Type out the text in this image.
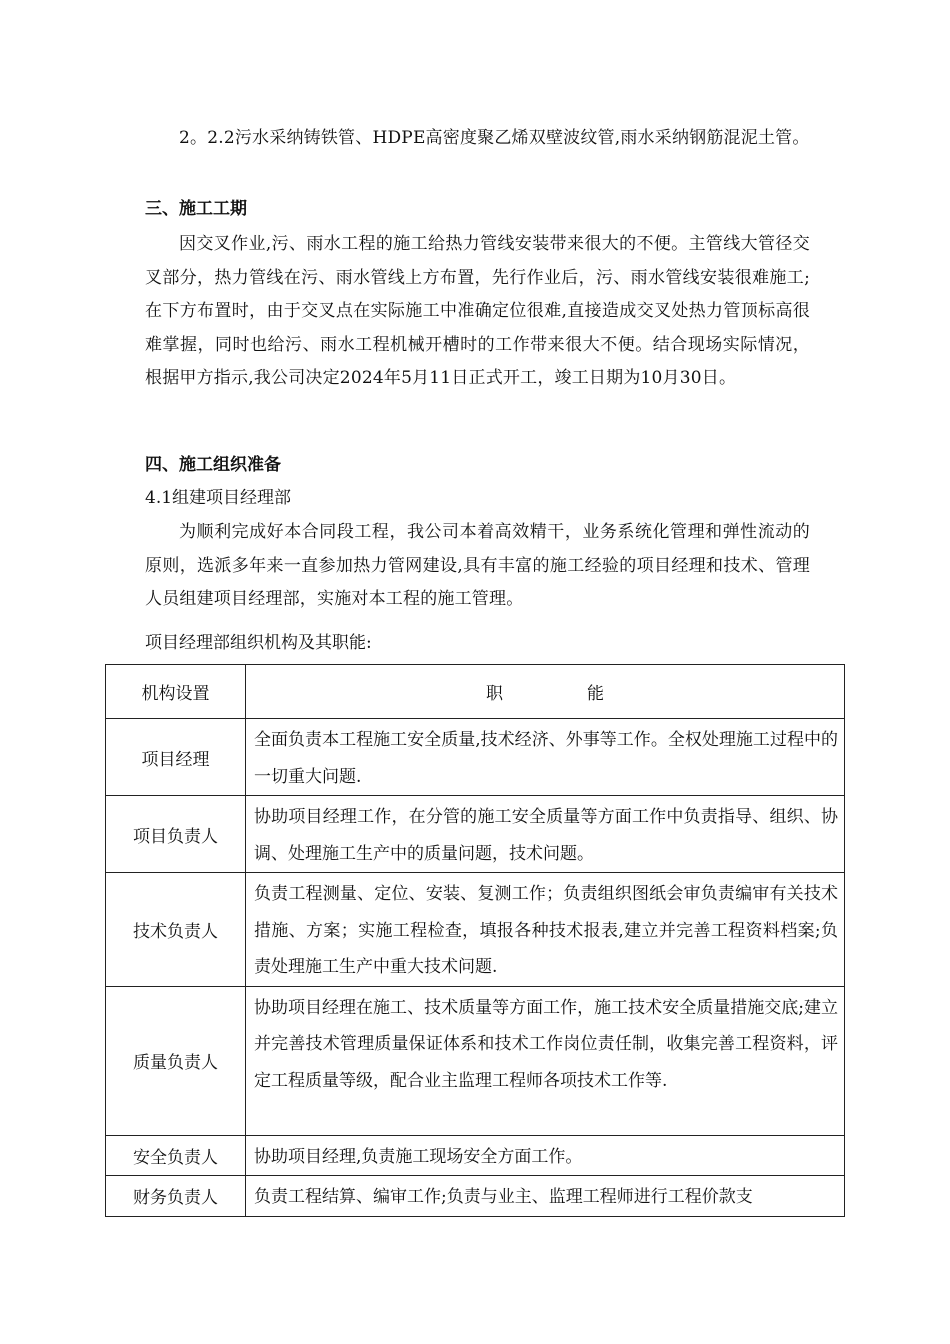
2。2.2污水采纳铸铁管、HDPE高密度聚乙烯双壁波纹管,雨水采纳钢筋混泥土管。

三、施工工期

因交叉作业,污、雨水工程的施工给热力管线安装带来很大的不便。主管线大管径交叉部分，热力管线在污、雨水管线上方布置，先行作业后，污、雨水管线安装很难施工;在下方布置时，由于交叉点在实际施工中准确定位很难,直接造成交叉处热力管顶标高很难掌握，同时也给污、雨水工程机械开槽时的工作带来很大不便。结合现场实际情况，根据甲方指示,我公司决定2024年5月11日正式开工，竣工日期为10月30日。

四、施工组织准备

4.1组建项目经理部

为顺利完成好本合同段工程，我公司本着高效精干，业务系统化管理和弹性流动的原则，选派多年来一直参加热力管网建设,具有丰富的施工经验的项目经理和技术、管理人员组建项目经理部，实施对本工程的施工管理。

项目经理部组织机构及其职能:

机构设置	职能
项目经理	全面负责本工程施工安全质量,技术经济、外事等工作。全权处理施工过程中的一切重大问题.
项目负责人	协助项目经理工作，在分管的施工安全质量等方面工作中负责指导、组织、协调、处理施工生产中的质量问题，技术问题。
技术负责人	负责工程测量、定位、安装、复测工作；负责组织图纸会审负责编审有关技术措施、方案；实施工程检查，填报各种技术报表,建立并完善工程资料档案;负责处理施工生产中重大技术问题.
质量负责人	协助项目经理在施工、技术质量等方面工作，施工技术安全质量措施交底;建立并完善技术管理质量保证体系和技术工作岗位责任制，收集完善工程资料，评定工程质量等级，配合业主监理工程师各项技术工作等.
安全负责人	协助项目经理,负责施工现场安全方面工作。
财务负责人	负责工程结算、编审工作;负责与业主、监理工程师进行工程价款支
